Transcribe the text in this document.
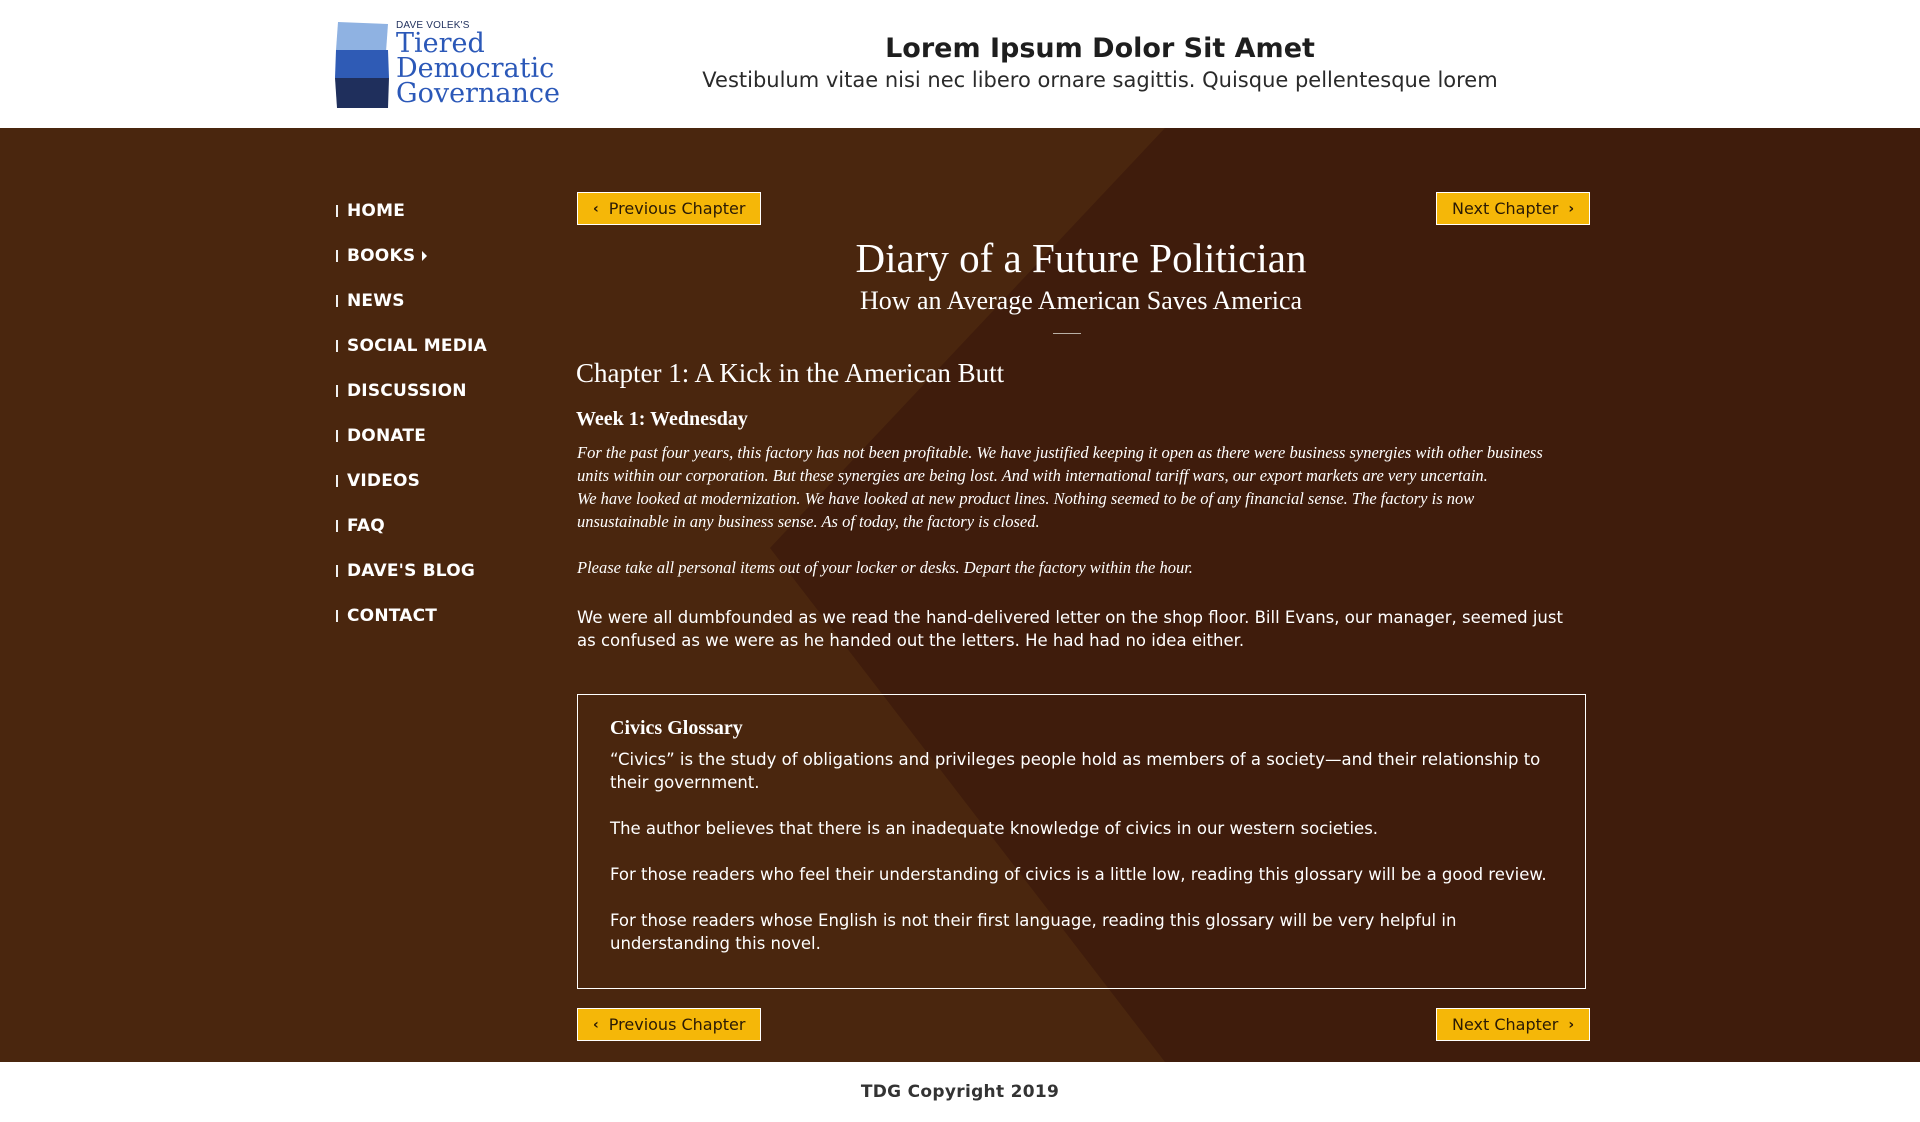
DAVE VOLEK'S
Tiered
Democratic
Governance
Lorem Ipsum Dolor Sit Amet
Vestibulum vitae nisi nec libero ornare sagittis. Quisque pellentesque lorem
HOME
BOOKS
NEWS
SOCIAL MEDIA
DISCUSSION
DONATE
VIDEOS
FAQ
DAVE'S BLOG
CONTACT
‹ Previous Chapter	Next Chapter ›
Diary of a Future Politician
How an Average American Saves America
Chapter 1: A Kick in the American Butt
Week 1: Wednesday

For the past four years, this factory has not been profitable. We have justified keeping it open as there were business synergies with other business

units within our corporation. But these synergies are being lost. And with international tariff wars, our export markets are very uncertain.

We have looked at modernization. We have looked at new product lines. Nothing seemed to be of any financial sense. The factory is now

unsustainable in any business sense. As of today, the factory is closed.

Please take all personal items out of your locker or desks. Depart the factory within the hour.

We were all dumbfounded as we read the hand-delivered letter on the shop floor. Bill Evans, our manager, seemed just as confused as we were as he handed out the letters. He had had no idea either.
Civics Glossary
“Civics” is the study of obligations and privileges people hold as members of a society—and their relationship to their government.
The author believes that there is an inadequate knowledge of civics in our western societies.
For those readers who feel their understanding of civics is a little low, reading this glossary will be a good review.
For those readers whose English is not their first language, reading this glossary will be very helpful in understanding this novel.
‹ Previous Chapter	Next Chapter ›
TDG Copyright 2019
